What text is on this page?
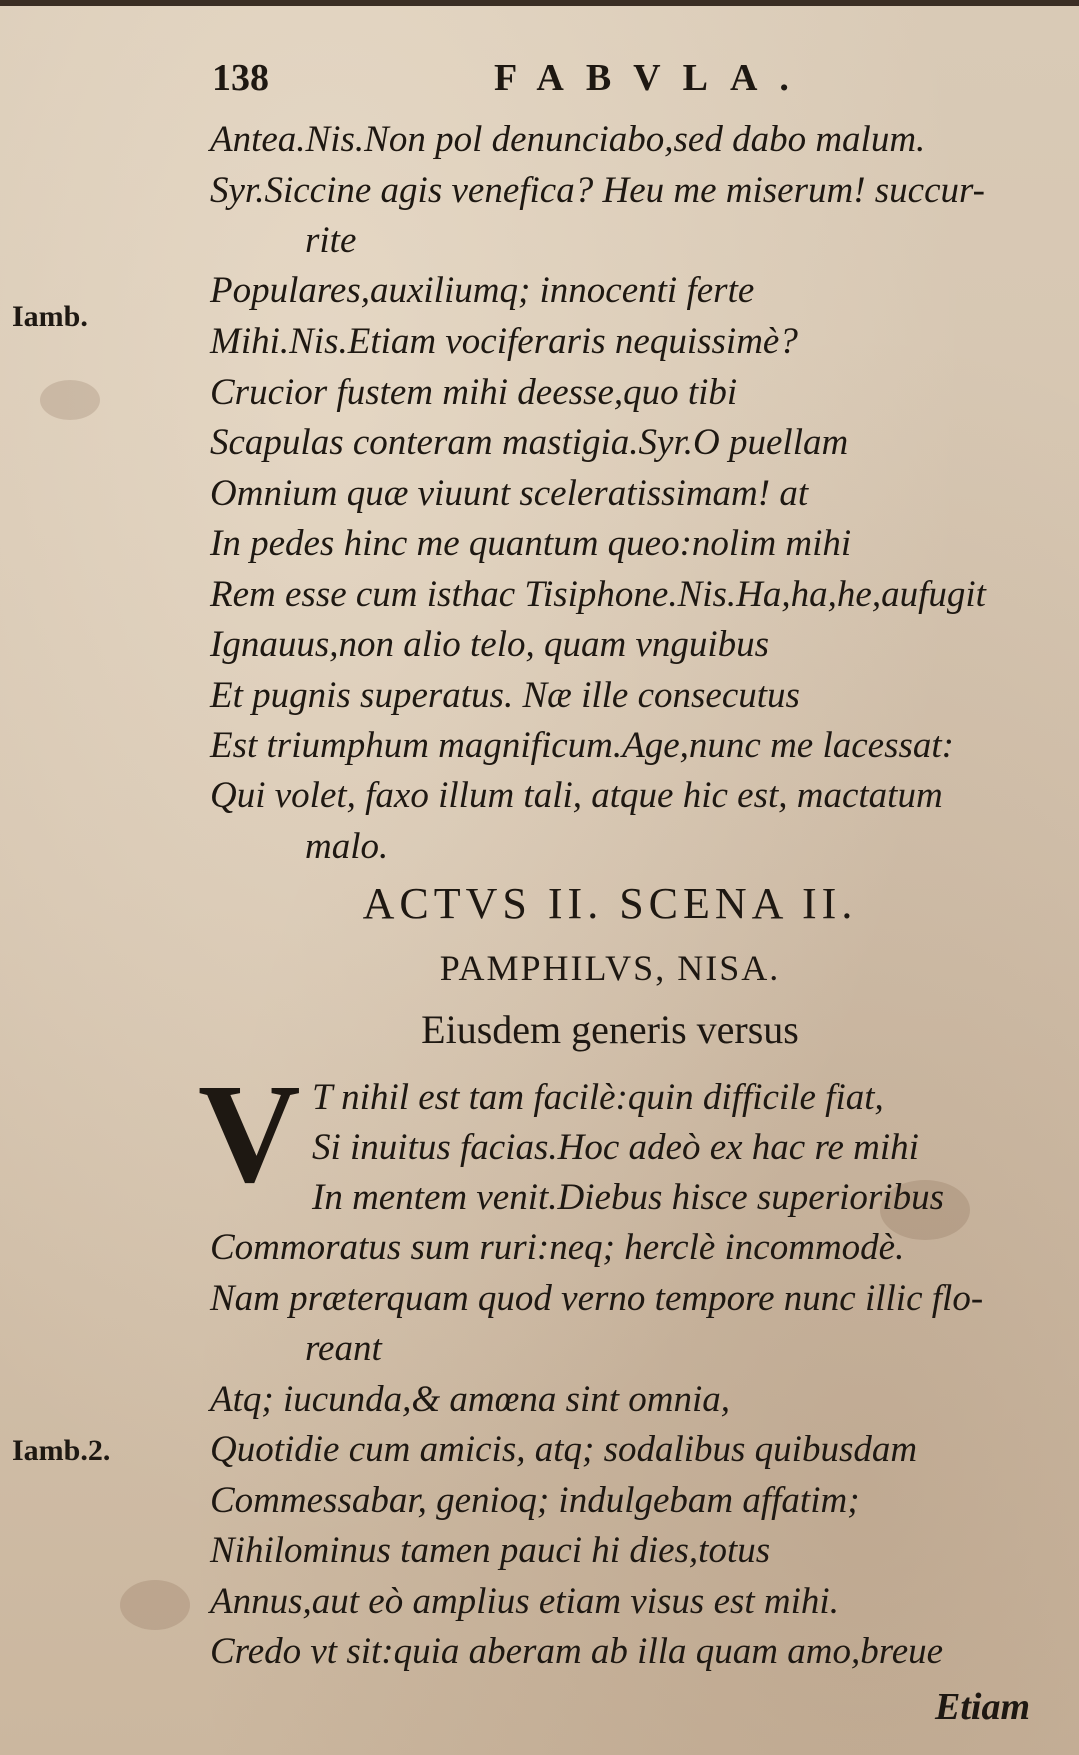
138	FABVLA.
Iamb.
Iamb.2.
Antea.Nis.Non pol denunciabo,sed dabo malum.
Syr.Siccine agis venefica? Heu me miserum! succur-
rite
Populares,auxiliumq; innocenti ferte
Mihi.Nis.Etiam vociferaris nequissimè?
Crucior fustem mihi deesse,quo tibi
Scapulas conteram mastigia.Syr.O puellam
Omnium quæ viuunt sceleratissimam! at
In pedes hinc me quantum queo:nolim mihi
Rem esse cum isthac Tisiphone.Nis.Ha,ha,he,aufugit
Ignauus,non alio telo, quam vnguibus
Et pugnis superatus. Næ ille consecutus
Est triumphum magnificum.Age,nunc me lacessat:
Qui volet, faxo illum tali, atque hic est, mactatum
malo.
ACTVS II. SCENA II.
PAMPHILVS, NISA.
Eiusdem generis versus
V T nihil est tam facilè:quin difficile fiat,
Si inuitus facias.Hoc adeò ex hac re mihi
In mentem venit.Diebus hisce superioribus
Commoratus sum ruri:neq; herclè incommodè.
Nam præterquam quod verno tempore nunc illic flo-
reant
Atq; iucunda,& amœna sint omnia,
Quotidie cum amicis, atq; sodalibus quibusdam
Commessabar, genioq; indulgebam affatim;
Nihilominus tamen pauci hi dies,totus
Annus,aut eò amplius etiam visus est mihi.
Credo vt sit:quia aberam ab illa quam amo,breue
Etiam
